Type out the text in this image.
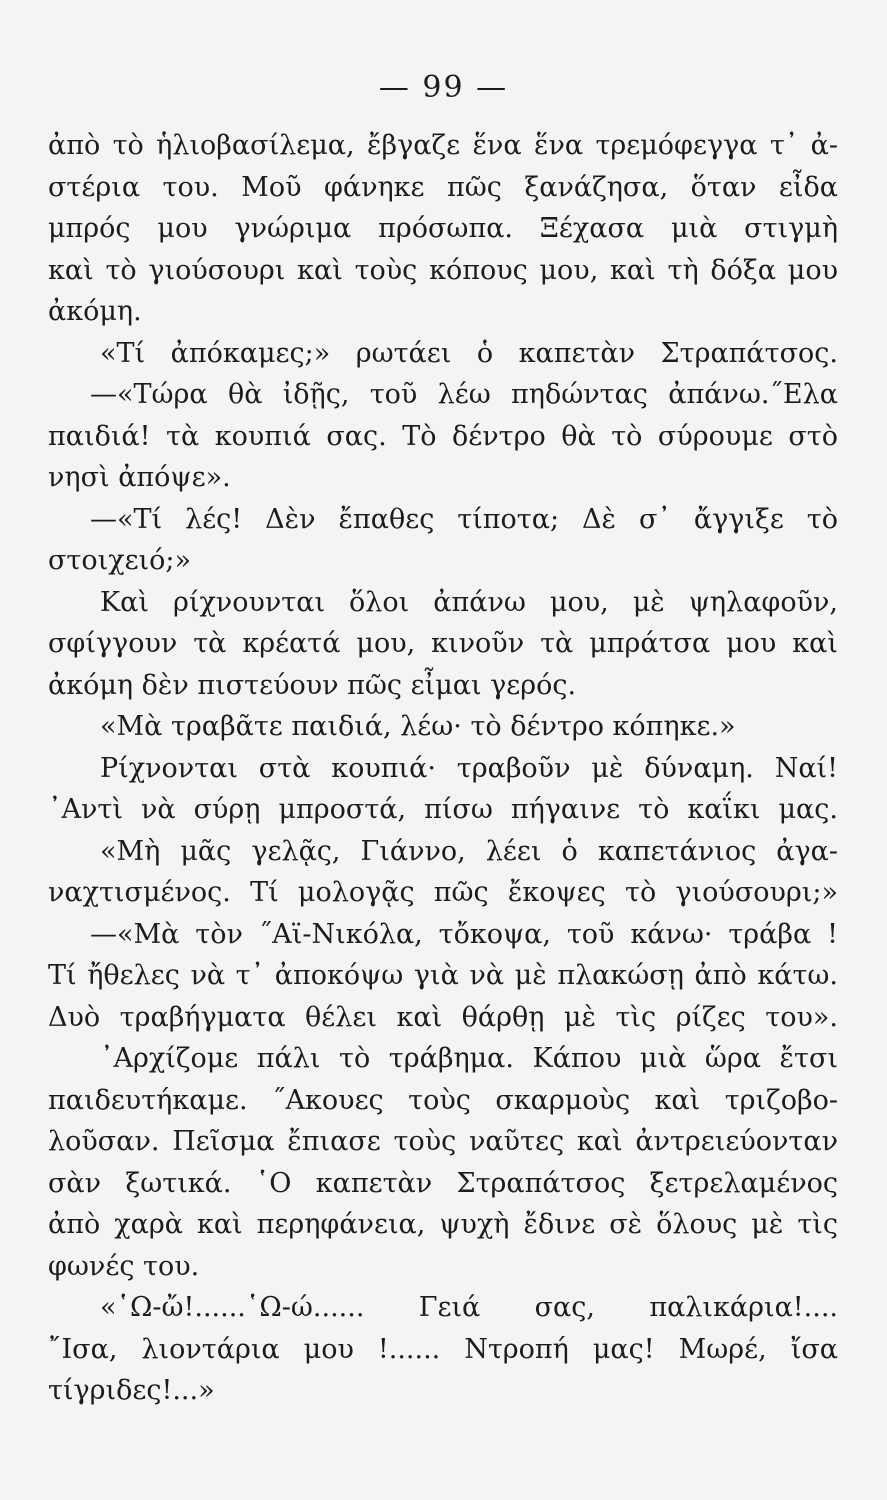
— 99 —
ἀπὸ τὸ ἡλιοβασίλεμα, ἔβγαζε ἕνα ἕνα τρεμόφεγγα τ᾿ ἀ-
στέρια του. Μοῦ φάνηκε πῶς ξανάζησα, ὅταν εἶδα
μπρός μου γνώριμα πρόσωπα. Ξέχασα μιὰ στιγμὴ
καὶ τὸ γιούσουρι καὶ τοὺς κόπους μου, καὶ τὴ δόξα μου
ἀκόμη.
«Τί ἀπόκαμες;» ρωτάει ὁ καπετὰν Στραπάτσος.
—«Τώρα θὰ ἰδῇς, τοῦ λέω πηδώντας ἀπάνω.˝Ελα
παιδιά! τὰ κουπιά σας. Τὸ δέντρο θὰ τὸ σύρουμε στὸ
νησὶ ἀπόψε».
—«Τί λές! Δὲν ἔπαθες τίποτα; Δὲ σ᾿ ἄγγιξε τὸ
στοιχειό;»
Καὶ ρίχνουνται ὅλοι ἀπάνω μου, μὲ ψηλαφοῦν,
σφίγγουν τὰ κρέατά μου, κινοῦν τὰ μπράτσα μου καὶ
ἀκόμη δὲν πιστεύουν πῶς εἶμαι γερός.
«Μὰ τραβᾶτε παιδιά, λέω· τὸ δέντρο κόπηκε.»
Ρίχνονται στὰ κουπιά· τραβοῦν μὲ δύναμη. Ναί!
᾿Αντὶ νὰ σύρῃ μπροστά, πίσω πήγαινε τὸ καΐκι μας.
«Μὴ μᾶς γελᾷς, Γιάννο, λέει ὁ καπετάνιος ἀγα-
ναχτισμένος. Τί μολογᾷς πῶς ἔκοψες τὸ γιούσουρι;»
—«Μὰ τὸν ˝Αϊ-Νικόλα, τὄκοψα, τοῦ κάνω· τράβα !
Τί ἤθελες νὰ τ᾿ ἀποκόψω γιὰ νὰ μὲ πλακώσῃ ἀπὸ κάτω.
Δυὸ τραβήγματα θέλει καὶ θάρθῃ μὲ τὶς ρίζες του».
᾿Αρχίζομε πάλι τὸ τράβημα. Κάπου μιὰ ὥρα ἔτσι
παιδευτήκαμε. ˝Ακουες τοὺς σκαρμοὺς καὶ τριζοβο-
λοῦσαν. Πεῖσμα ἔπιασε τοὺς ναῦτες καὶ ἀντρειεύονταν
σὰν ξωτικά. ῾Ο καπετὰν Στραπάτσος ξετρελαμένος
ἀπὸ χαρὰ καὶ περηφάνεια, ψυχὴ ἔδινε σὲ ὅλους μὲ τὶς
φωνές του.
«῾Ω-ὤ!......῾Ω-ώ...... Γειά σας, παλικάρια!....
῎Ισα, λιοντάρια μου !...... Ντροπή μας! Μωρέ, ἴσα
τίγριδες!...»
